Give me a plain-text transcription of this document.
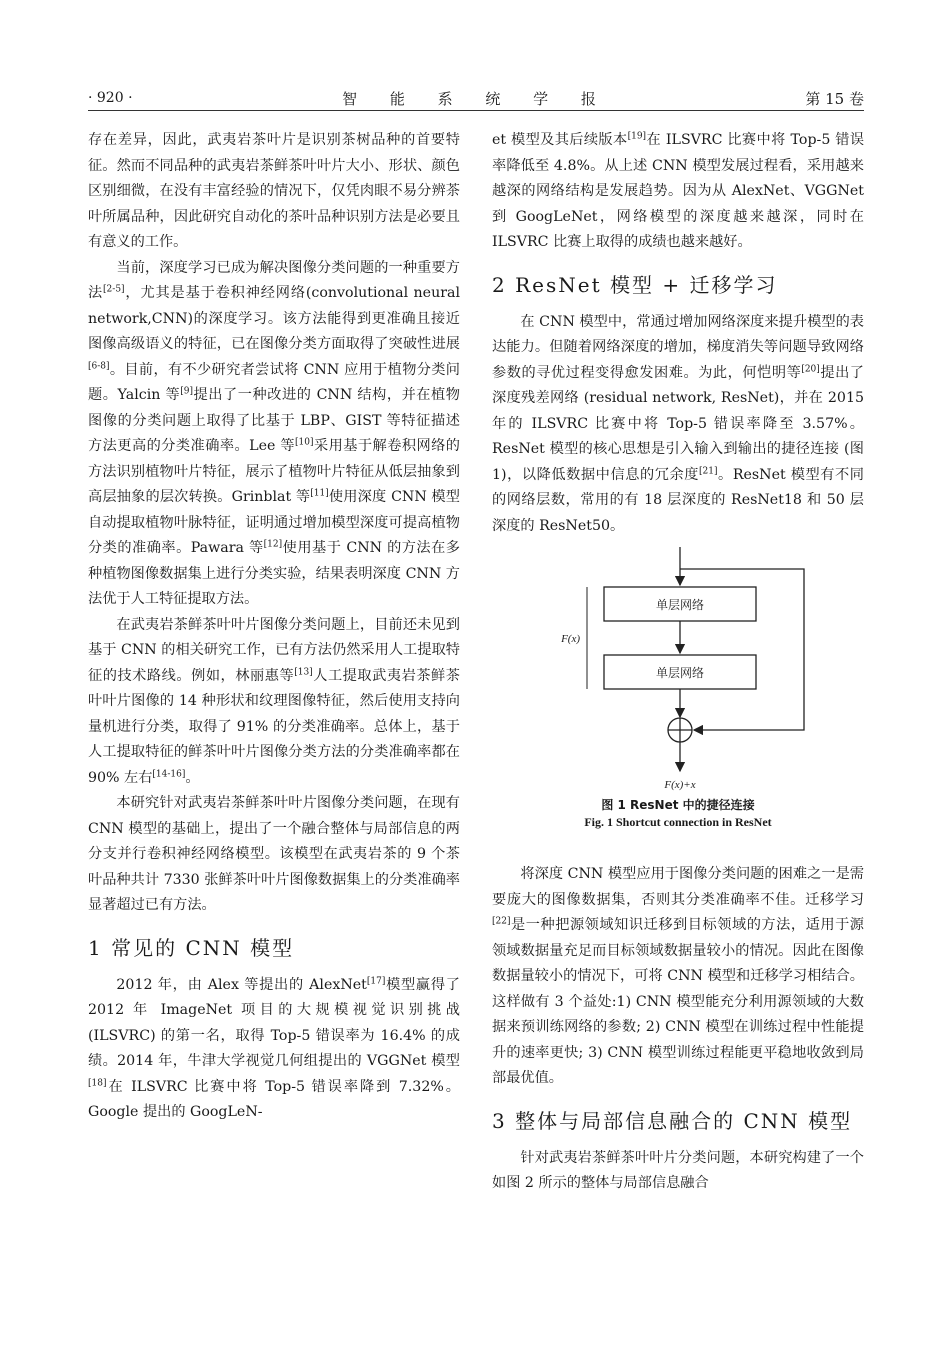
· 920 ·	智 能 系 统 学 报	第 15 卷

存在差异，因此，武夷岩茶叶片是识别茶树品种的首要特征。然而不同品种的武夷岩茶鲜茶叶叶片大小、形状、颜色区别细微，在没有丰富经验的情况下，仅凭肉眼不易分辨茶叶所属品种，因此研究自动化的茶叶品种识别方法是必要且有意义的工作。

当前，深度学习已成为解决图像分类问题的一种重要方法[2-5]，尤其是基于卷积神经网络(convolutional neural network,CNN)的深度学习。该方法能得到更准确且接近图像高级语义的特征，已在图像分类方面取得了突破性进展[6-8]。目前，有不少研究者尝试将 CNN 应用于植物分类问题。Yalcin 等[9]提出了一种改进的 CNN 结构，并在植物图像的分类问题上取得了比基于 LBP、GIST 等特征描述方法更高的分类准确率。Lee 等[10]采用基于解卷积网络的方法识别植物叶片特征，展示了植物叶片特征从低层抽象到高层抽象的层次转换。Grinblat 等[11]使用深度 CNN 模型自动提取植物叶脉特征，证明通过增加模型深度可提高植物分类的准确率。Pawara 等[12]使用基于 CNN 的方法在多种植物图像数据集上进行分类实验，结果表明深度 CNN 方法优于人工特征提取方法。

在武夷岩茶鲜茶叶叶片图像分类问题上，目前还未见到基于 CNN 的相关研究工作，已有方法仍然采用人工提取特征的技术路线。例如，林丽惠等[13]人工提取武夷岩茶鲜茶叶叶片图像的 14 种形状和纹理图像特征，然后使用支持向量机进行分类，取得了 91% 的分类准确率。总体上，基于人工提取特征的鲜茶叶叶片图像分类方法的分类准确率都在 90% 左右[14-16]。

本研究针对武夷岩茶鲜茶叶叶片图像分类问题，在现有 CNN 模型的基础上，提出了一个融合整体与局部信息的两分支并行卷积神经网络模型。该模型在武夷岩茶的 9 个茶叶品种共计 7330 张鲜茶叶叶片图像数据集上的分类准确率显著超过已有方法。

1 常见的 CNN 模型

2012 年，由 Alex 等提出的 AlexNet[17]模型赢得了 2012 年 ImageNet 项目的大规模视觉识别挑战 (ILSVRC) 的第一名，取得 Top-5 错误率为 16.4% 的成绩。2014 年，牛津大学视觉几何组提出的 VGGNet 模型[18]在 ILSVRC 比赛中将 Top-5 错误率降到 7.32%。Google 提出的 GoogLeN-

et 模型及其后续版本[19]在 ILSVRC 比赛中将 Top-5 错误率降低至 4.8%。从上述 CNN 模型发展过程看，采用越来越深的网络结构是发展趋势。因为从 AlexNet、VGGNet 到 GoogLeNet，网络模型的深度越来越深，同时在 ILSVRC 比赛上取得的成绩也越来越好。

2 ResNet 模型 + 迁移学习

在 CNN 模型中，常通过增加网络深度来提升模型的表达能力。但随着网络深度的增加，梯度消失等问题导致网络参数的寻优过程变得愈发困难。为此，何恺明等[20]提出了深度残差网络 (residual network, ResNet)，并在 2015 年的 ILSVRC 比赛中将 Top-5 错误率降至 3.57%。ResNet 模型的核心思想是引入输入到输出的捷径连接 (图 1)，以降低数据中信息的冗余度[21]。ResNet 模型有不同的网络层数，常用的有 18 层深度的 ResNet18 和 50 层深度的 ResNet50。

单层网络
单层网络
F(x)+x
F(x)
图 1 ResNet 中的捷径连接
Fig. 1 Shortcut connection in ResNet

将深度 CNN 模型应用于图像分类问题的困难之一是需要庞大的图像数据集，否则其分类准确率不佳。迁移学习[22]是一种把源领域知识迁移到目标领域的方法，适用于源领域数据量充足而目标领域数据量较小的情况。因此在图像数据量较小的情况下，可将 CNN 模型和迁移学习相结合。这样做有 3 个益处:1) CNN 模型能充分利用源领域的大数据来预训练网络的参数; 2) CNN 模型在训练过程中性能提升的速率更快; 3) CNN 模型训练过程能更平稳地收敛到局部最优值。

3 整体与局部信息融合的 CNN 模型

针对武夷岩茶鲜茶叶叶片分类问题，本研究构建了一个如图 2 所示的整体与局部信息融合
